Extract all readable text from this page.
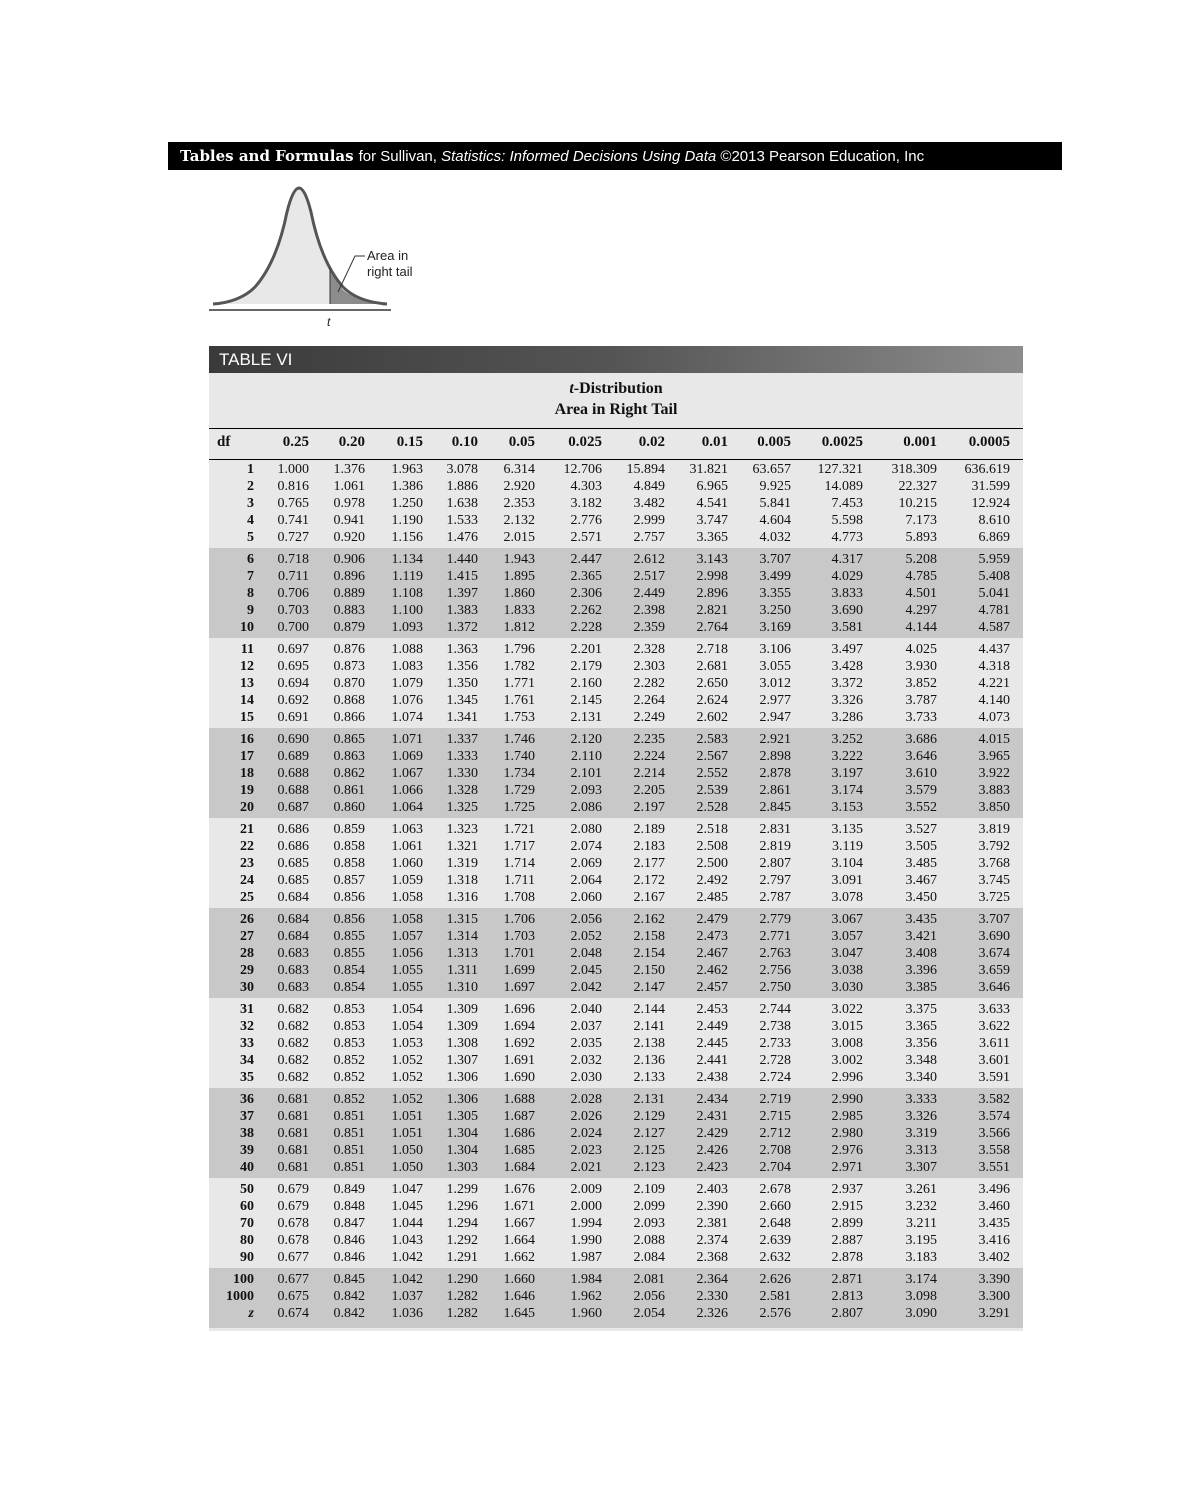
Tables and Formulas for Sullivan,
Statistics: Informed Decisions Using Data
©2013 Pearson Education, Inc
Area in
right tail
t
TABLE VI
t-Distribution
Area in Right Tail
df	0.25 0.20 0.15 0.10 0.05 0.025 0.02 0.01 0.005 0.0025	0.001 0.0005
1 1.000 1.376 1.963 3.078 6.314 12.706 15.894 31.821 63.657 127.321 318.309 636.619
2 0.816 1.061 1.386 1.886 2.920	4.303 4.849 6.965 9.925 14.089	22.327 31.599
3 0.765 0.978 1.250 1.638 2.353	3.182 3.482 4.541 5.841	7.453	10.215 12.924
4 0.741 0.941 1.190 1.533 2.132	2.776 2.999 3.747 4.604	5.598	7.173	8.610
5 0.727 0.920 1.156 1.476 2.015	2.571 2.757 3.365 4.032	4.773	5.893	6.869
6 0.718 0.906 1.134 1.440 1.943	2.447 2.612 3.143 3.707	4.317	5.208	5.959
7 0.711 0.896 1.119 1.415 1.895	2.365 2.517 2.998 3.499	4.029	4.785	5.408
8 0.706 0.889 1.108 1.397 1.860	2.306 2.449 2.896 3.355	3.833	4.501	5.041
9 0.703 0.883 1.100 1.383 1.833	2.262 2.398 2.821 3.250	3.690	4.297	4.781
10 0.700 0.879 1.093 1.372 1.812	2.228 2.359 2.764 3.169	3.581	4.144	4.587
11 0.697 0.876 1.088 1.363 1.796	2.201 2.328 2.718 3.106	3.497	4.025	4.437
12 0.695 0.873 1.083 1.356 1.782	2.179 2.303 2.681 3.055	3.428	3.930	4.318
13 0.694 0.870 1.079 1.350 1.771	2.160 2.282 2.650 3.012	3.372	3.852	4.221
14 0.692 0.868 1.076 1.345 1.761	2.145 2.264 2.624 2.977	3.326	3.787	4.140
15 0.691 0.866 1.074 1.341 1.753	2.131 2.249 2.602 2.947	3.286	3.733	4.073
16 0.690 0.865 1.071 1.337 1.746	2.120 2.235 2.583 2.921	3.252	3.686	4.015
17 0.689 0.863 1.069 1.333 1.740	2.110 2.224 2.567 2.898	3.222	3.646	3.965
18 0.688 0.862 1.067 1.330 1.734	2.101 2.214 2.552 2.878	3.197	3.610	3.922
19 0.688 0.861 1.066 1.328 1.729	2.093 2.205 2.539 2.861	3.174	3.579	3.883
20 0.687 0.860 1.064 1.325 1.725	2.086 2.197 2.528 2.845	3.153	3.552	3.850
21 0.686 0.859 1.063 1.323 1.721	2.080 2.189 2.518 2.831	3.135	3.527	3.819
22 0.686 0.858 1.061 1.321 1.717	2.074 2.183 2.508 2.819	3.119	3.505	3.792
23 0.685 0.858 1.060 1.319 1.714	2.069 2.177 2.500 2.807	3.104	3.485	3.768
24 0.685 0.857 1.059 1.318 1.711	2.064 2.172 2.492 2.797	3.091	3.467	3.745
25 0.684 0.856 1.058 1.316 1.708	2.060 2.167 2.485 2.787	3.078	3.450	3.725
26 0.684 0.856 1.058 1.315 1.706	2.056 2.162 2.479 2.779	3.067	3.435	3.707
27 0.684 0.855 1.057 1.314 1.703	2.052 2.158 2.473 2.771	3.057	3.421	3.690
28 0.683 0.855 1.056 1.313 1.701	2.048 2.154 2.467 2.763	3.047	3.408	3.674
29 0.683 0.854 1.055 1.311 1.699	2.045 2.150 2.462 2.756	3.038	3.396	3.659
30 0.683 0.854 1.055 1.310 1.697	2.042 2.147 2.457 2.750	3.030	3.385	3.646
31 0.682 0.853 1.054 1.309 1.696	2.040 2.144 2.453 2.744	3.022	3.375	3.633
32 0.682 0.853 1.054 1.309 1.694	2.037 2.141 2.449 2.738	3.015	3.365	3.622
33 0.682 0.853 1.053 1.308 1.692	2.035 2.138 2.445 2.733	3.008	3.356	3.611
34 0.682 0.852 1.052 1.307 1.691	2.032 2.136 2.441 2.728	3.002	3.348	3.601
35 0.682 0.852 1.052 1.306 1.690	2.030 2.133 2.438 2.724	2.996	3.340	3.591
36 0.681 0.852 1.052 1.306 1.688	2.028 2.131 2.434 2.719	2.990	3.333	3.582
37 0.681 0.851 1.051 1.305 1.687	2.026 2.129 2.431 2.715	2.985	3.326	3.574
38 0.681 0.851 1.051 1.304 1.686	2.024 2.127 2.429 2.712	2.980	3.319	3.566
39 0.681 0.851 1.050 1.304 1.685	2.023 2.125 2.426 2.708	2.976	3.313	3.558
40 0.681 0.851 1.050 1.303 1.684	2.021 2.123 2.423 2.704	2.971	3.307	3.551
50 0.679 0.849 1.047 1.299 1.676	2.009 2.109 2.403 2.678	2.937	3.261	3.496
60 0.679 0.848 1.045 1.296 1.671	2.000 2.099 2.390 2.660	2.915	3.232	3.460
70 0.678 0.847 1.044 1.294 1.667	1.994 2.093 2.381 2.648	2.899	3.211	3.435
80 0.678 0.846 1.043 1.292 1.664	1.990 2.088 2.374 2.639	2.887	3.195	3.416
90 0.677 0.846 1.042 1.291 1.662	1.987 2.084 2.368 2.632	2.878	3.183	3.402
100 0.677 0.845 1.042 1.290 1.660	1.984 2.081 2.364 2.626	2.871	3.174	3.390
1000 0.675 0.842 1.037 1.282 1.646	1.962 2.056 2.330 2.581	2.813	3.098	3.300
z 0.674 0.842 1.036 1.282 1.645	1.960 2.054 2.326 2.576	2.807	3.090	3.291
